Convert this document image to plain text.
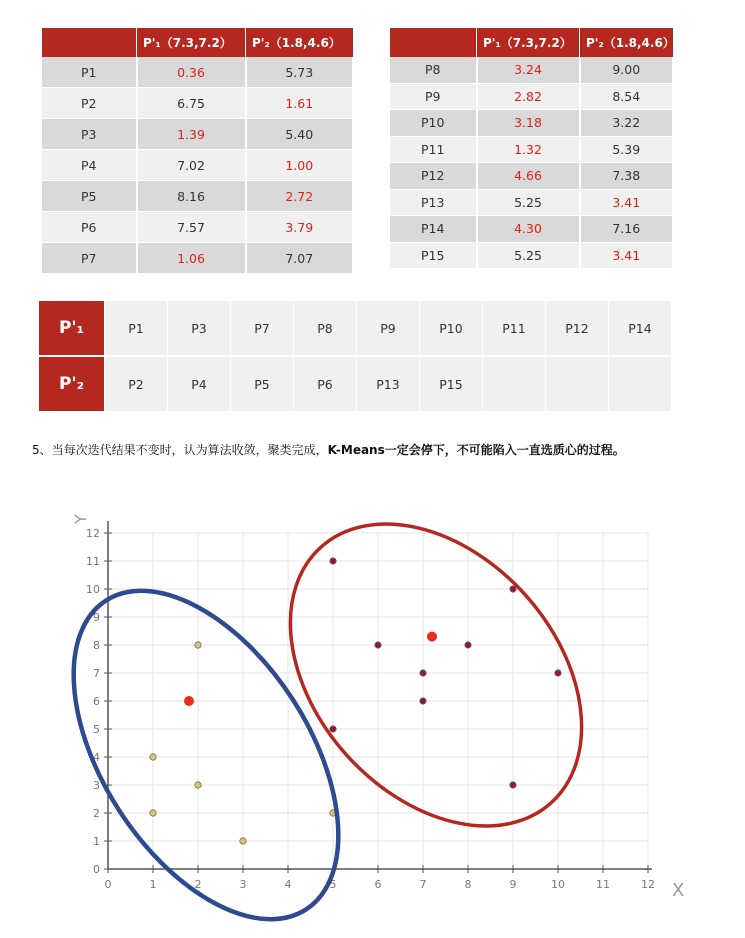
	P'₁（7.3,7.2）	P'₂（1.8,4.6）
P1	0.36	5.73
P2	6.75	1.61
P3	1.39	5.40
P4	7.02	1.00
P5	8.16	2.72
P6	7.57	3.79
P7	1.06	7.07
	P'₁（7.3,7.2）	P'₂（1.8,4.6）
P8	3.24	9.00
P9	2.82	8.54
P10	3.18	3.22
P11	1.32	5.39
P12	4.66	7.38
P13	5.25	3.41
P14	4.30	7.16
P15	5.25	3.41
P'₁	P1	P3	P7	P8	P9	P10	P11	P12	P14
P'₂	P2	P4	P5	P6	P13	P15			
5、当每次迭代结果不变时，认为算法收敛，聚类完成，K-Means一定会停下，不可能陷入一直选质心的过程。
0	1	2	3	4	5	6	7	8	9	10	11	12
0
1
2
3
4
5
6
7
8
9
10
11
12
X
Y
